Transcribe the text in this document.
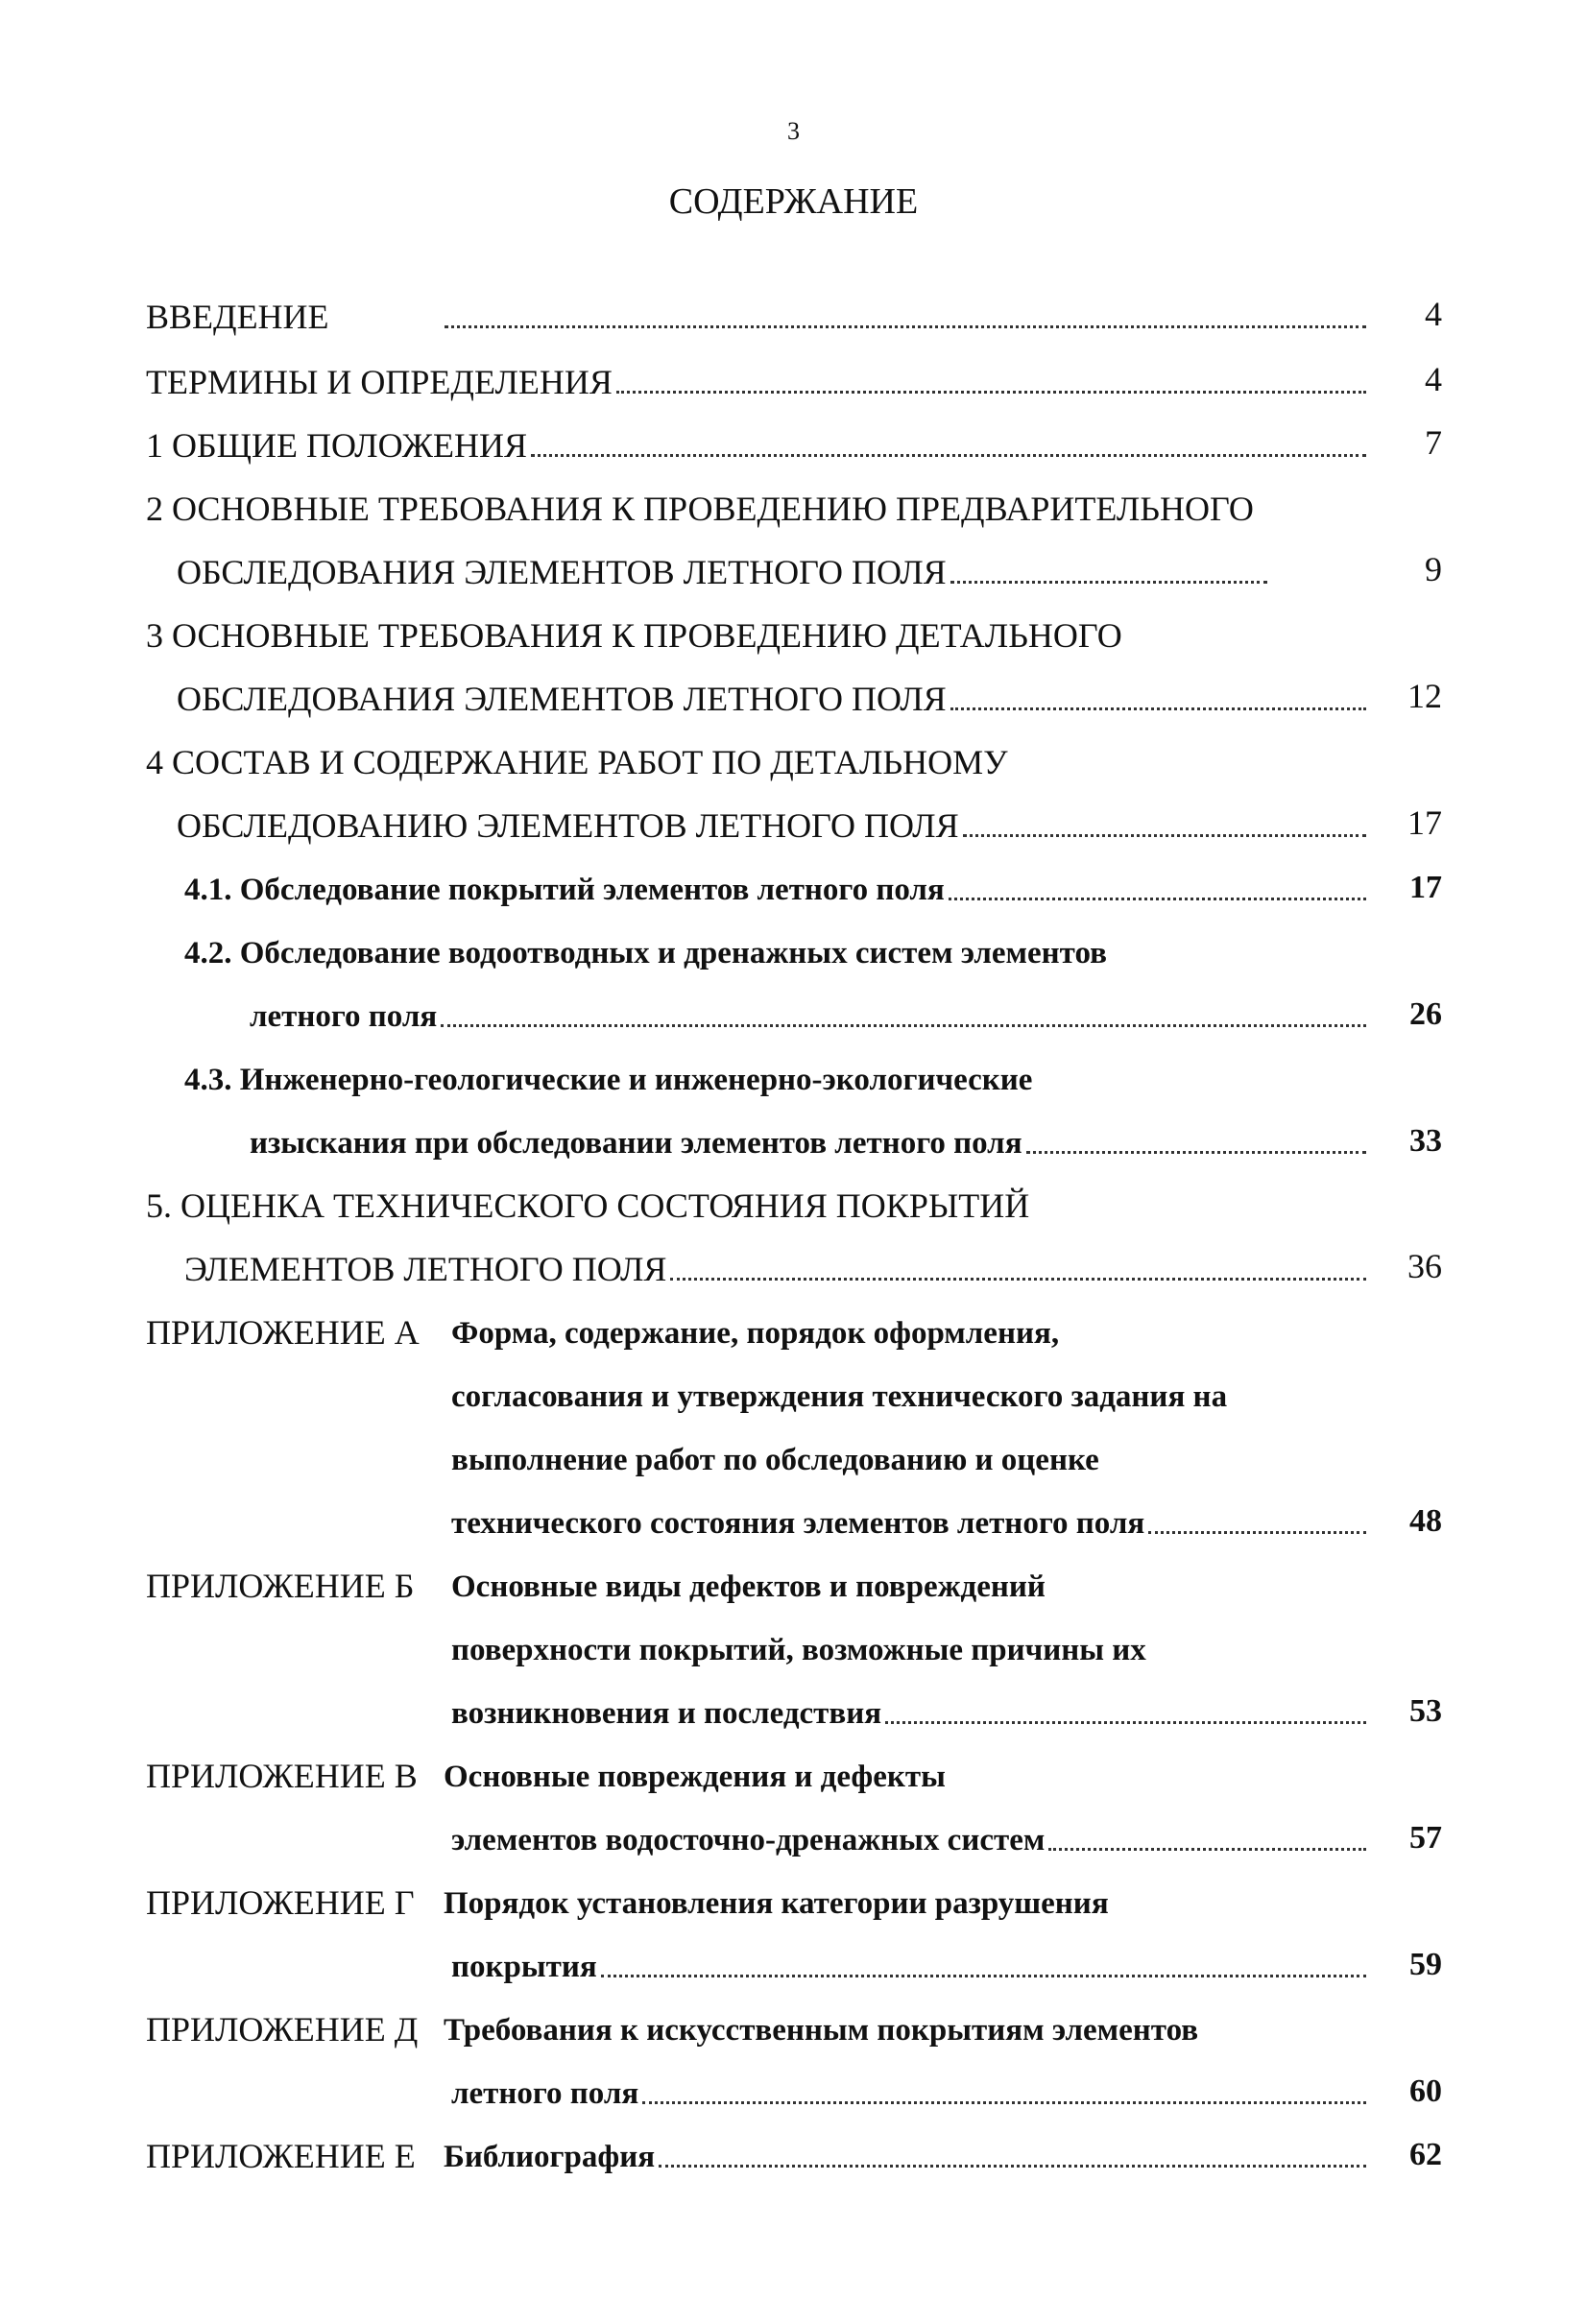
3
СОДЕРЖАНИЕ
ВВЕДЕНИЕ	4
ТЕРМИНЫ И ОПРЕДЕЛЕНИЯ	4
1 ОБЩИЕ ПОЛОЖЕНИЯ	7
2 ОСНОВНЫЕ ТРЕБОВАНИЯ К ПРОВЕДЕНИЮ ПРЕДВАРИТЕЛЬНОГО
ОБСЛЕДОВАНИЯ ЭЛЕМЕНТОВ ЛЕТНОГО ПОЛЯ	9
3 ОСНОВНЫЕ ТРЕБОВАНИЯ К ПРОВЕДЕНИЮ ДЕТАЛЬНОГО
ОБСЛЕДОВАНИЯ ЭЛЕМЕНТОВ ЛЕТНОГО ПОЛЯ	12
4 СОСТАВ И СОДЕРЖАНИЕ РАБОТ ПО ДЕТАЛЬНОМУ
ОБСЛЕДОВАНИЮ ЭЛЕМЕНТОВ ЛЕТНОГО ПОЛЯ	17
4.1. Обследование покрытий элементов летного поля	17
4.2. Обследование водоотводных и дренажных систем элементов
летного поля	26
4.3. Инженерно-геологические и инженерно-экологические
изыскания при обследовании элементов летного поля	33
5. ОЦЕНКА ТЕХНИЧЕСКОГО СОСТОЯНИЯ ПОКРЫТИЙ
ЭЛЕМЕНТОВ ЛЕТНОГО ПОЛЯ	36
ПРИЛОЖЕНИЕ А Форма, содержание, порядок оформления,
согласования и утверждения технического задания на
выполнение работ по обследованию и оценке
технического состояния элементов летного поля	48
ПРИЛОЖЕНИЕ Б Основные виды дефектов и повреждений
поверхности покрытий, возможные причины их
возникновения и последствия	53
ПРИЛОЖЕНИЕ В Основные повреждения и дефекты
элементов водосточно-дренажных систем	57
ПРИЛОЖЕНИЕ Г Порядок установления категории разрушения
покрытия	59
ПРИЛОЖЕНИЕ Д Требования к искусственным покрытиям элементов
летного поля	60
ПРИЛОЖЕНИЕ Е Библиография	62
